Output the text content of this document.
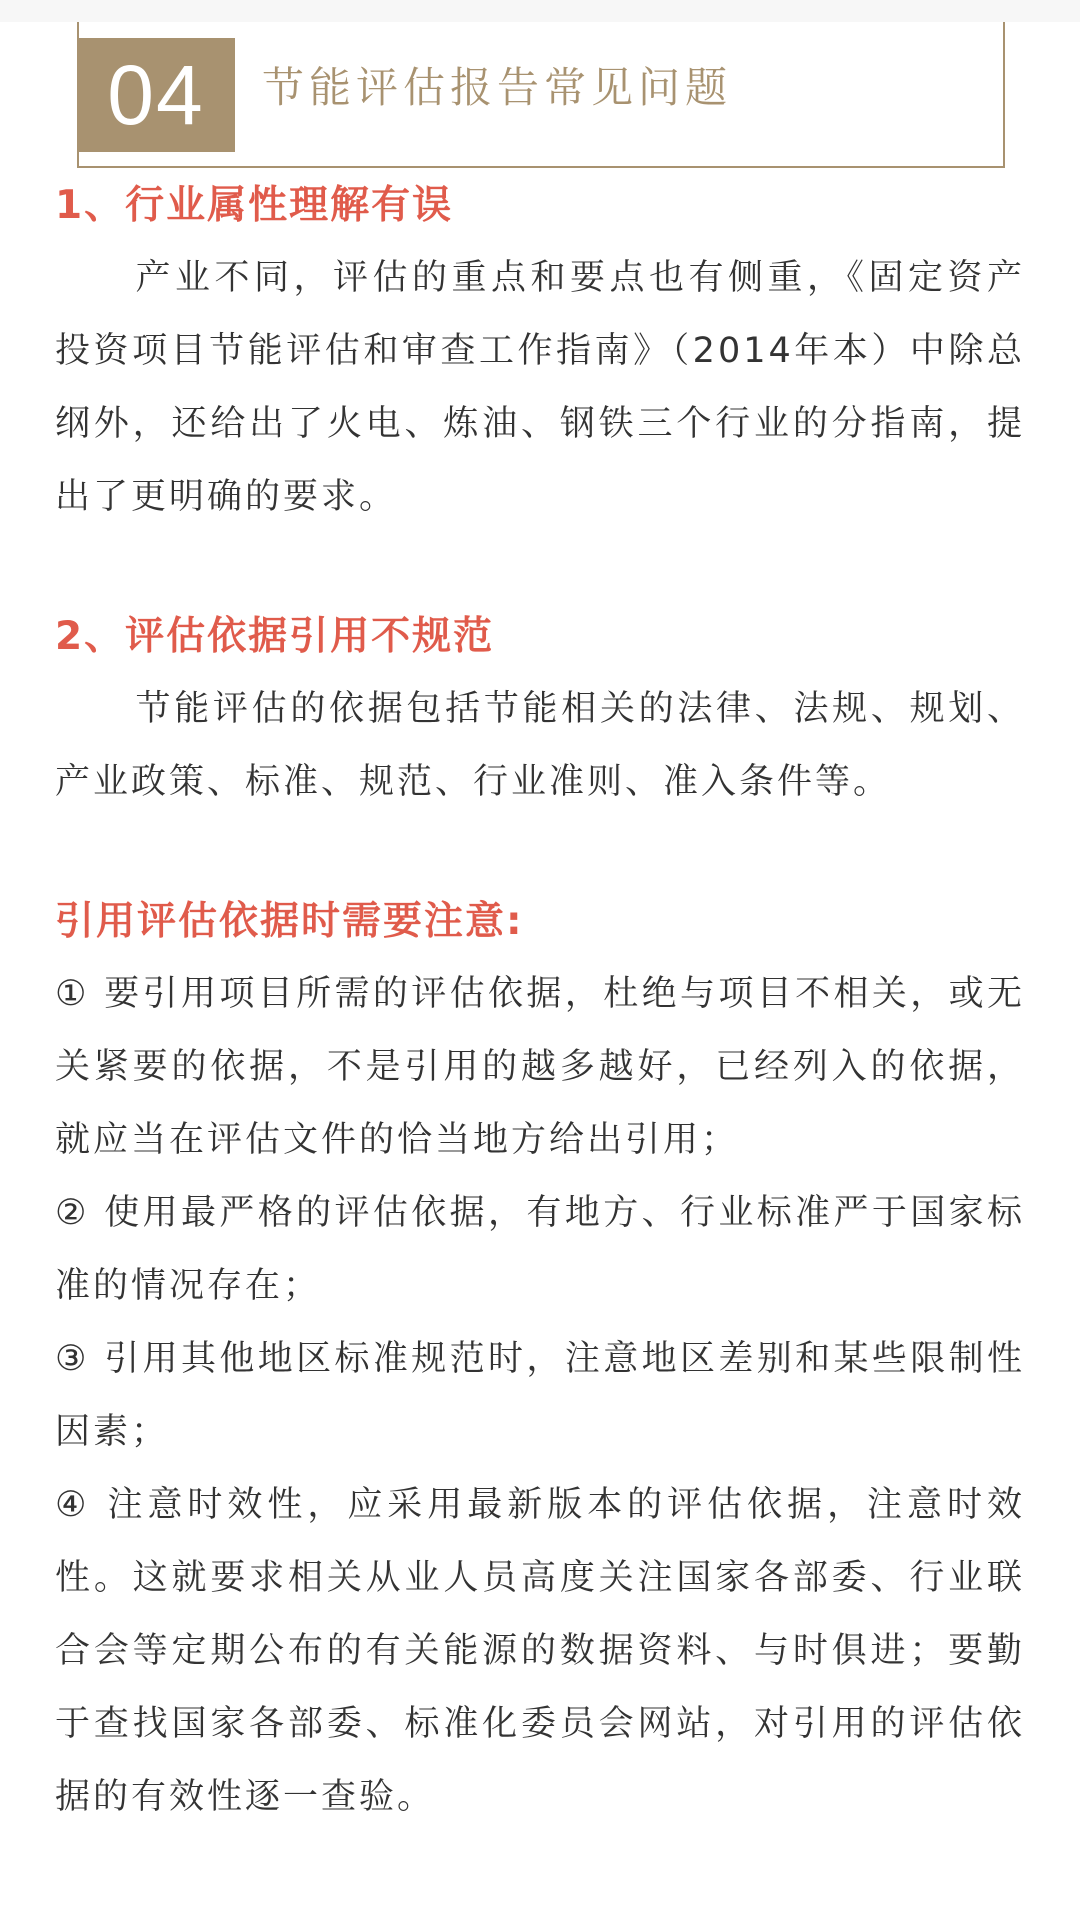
04	节能评估报告常见问题
1、行业属性理解有误

产业不同，评估的重点和要点也有侧重，《固定资产投资项目节能评估和审查工作指南》（2014年本）中除总纲外，还给出了火电、炼油、钢铁三个行业的分指南，提出了更明确的要求。

2、评估依据引用不规范

节能评估的依据包括节能相关的法律、法规、规划、产业政策、标准、规范、行业准则、准入条件等。

引用评估依据时需要注意:

① 要引用项目所需的评估依据，杜绝与项目不相关，或无关紧要的依据，不是引用的越多越好，已经列入的依据，就应当在评估文件的恰当地方给出引用；

② 使用最严格的评估依据，有地方、行业标准严于国家标准的情况存在；

③ 引用其他地区标准规范时，注意地区差别和某些限制性因素；

④ 注意时效性，应采用最新版本的评估依据，注意时效性。这就要求相关从业人员高度关注国家各部委、行业联合会等定期公布的有关能源的数据资料、与时俱进；要勤于查找国家各部委、标准化委员会网站，对引用的评估依据的有效性逐一查验。
